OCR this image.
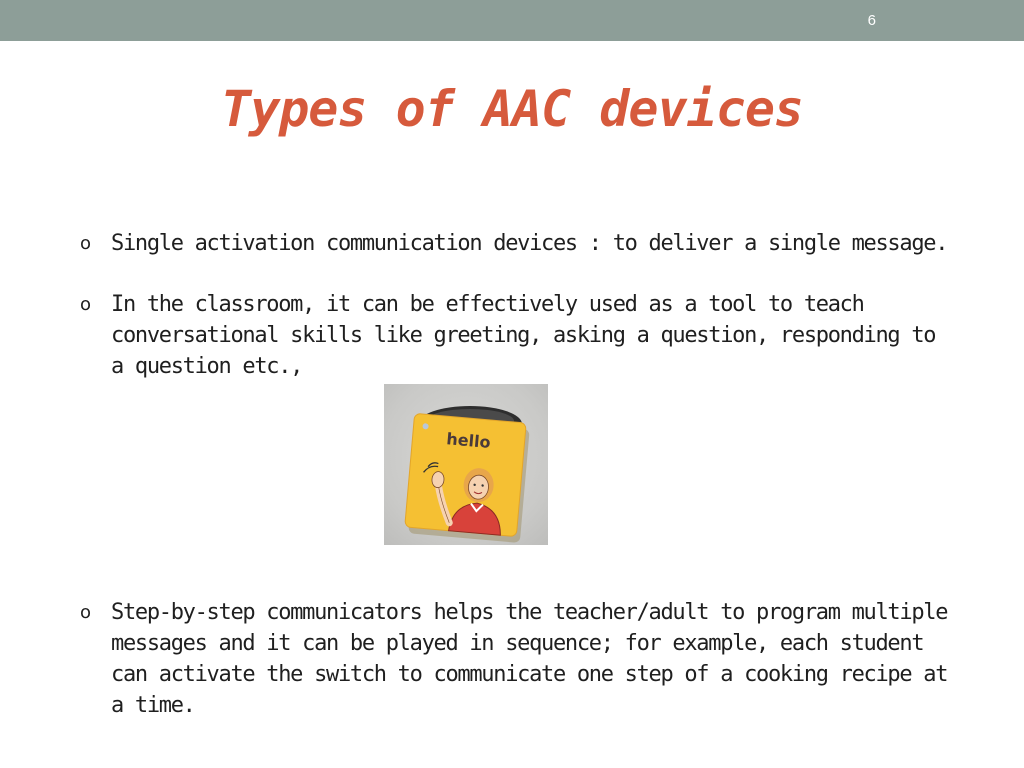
6
Types of AAC devices
o Single activation communication devices : to deliver a single message.
o In the classroom, it can be effectively used as a tool to teach conversational skills like greeting, asking a question, responding to a question etc.,
hello
o Step-by-step communicators helps the teacher/adult to program multiple messages and it can be played in sequence; for example, each student can activate the switch to communicate one step of a cooking recipe at a time.
